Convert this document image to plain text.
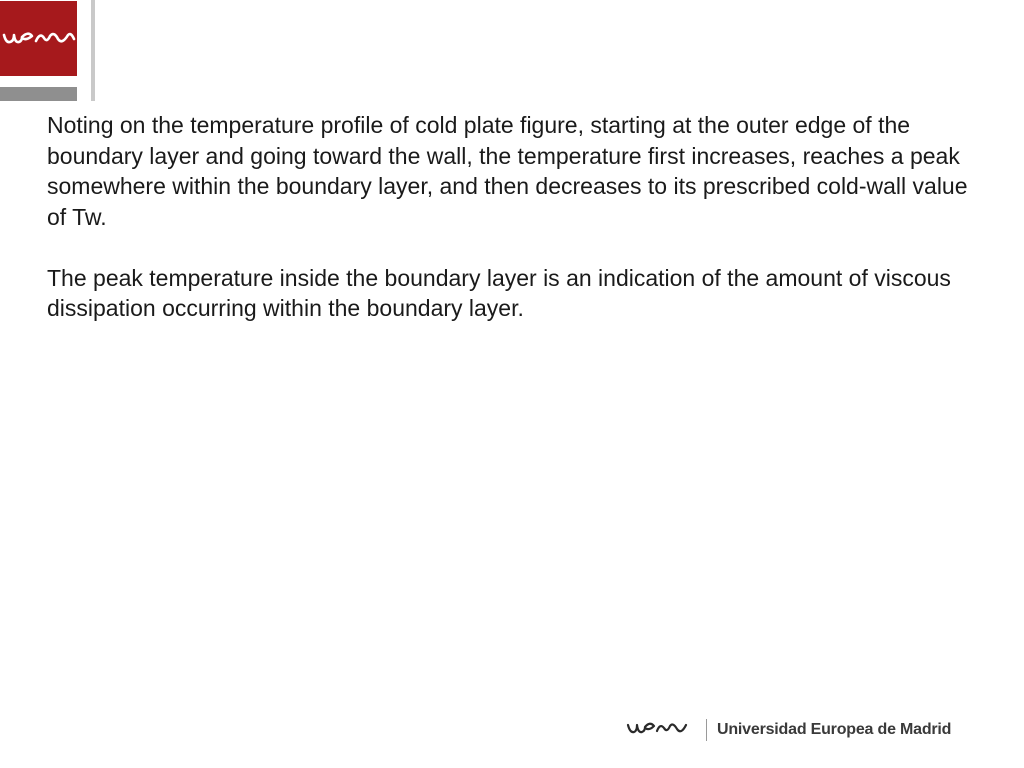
Noting on the temperature profile of cold plate figure, starting at the outer edge of the boundary layer and going toward the wall, the temperature first increases, reaches a peak somewhere within the boundary layer, and then decreases to its prescribed cold-wall value of Tw.

The peak temperature inside the boundary layer is an indication of the amount of viscous dissipation occurring within the boundary layer.

Universidad Europea de Madrid
